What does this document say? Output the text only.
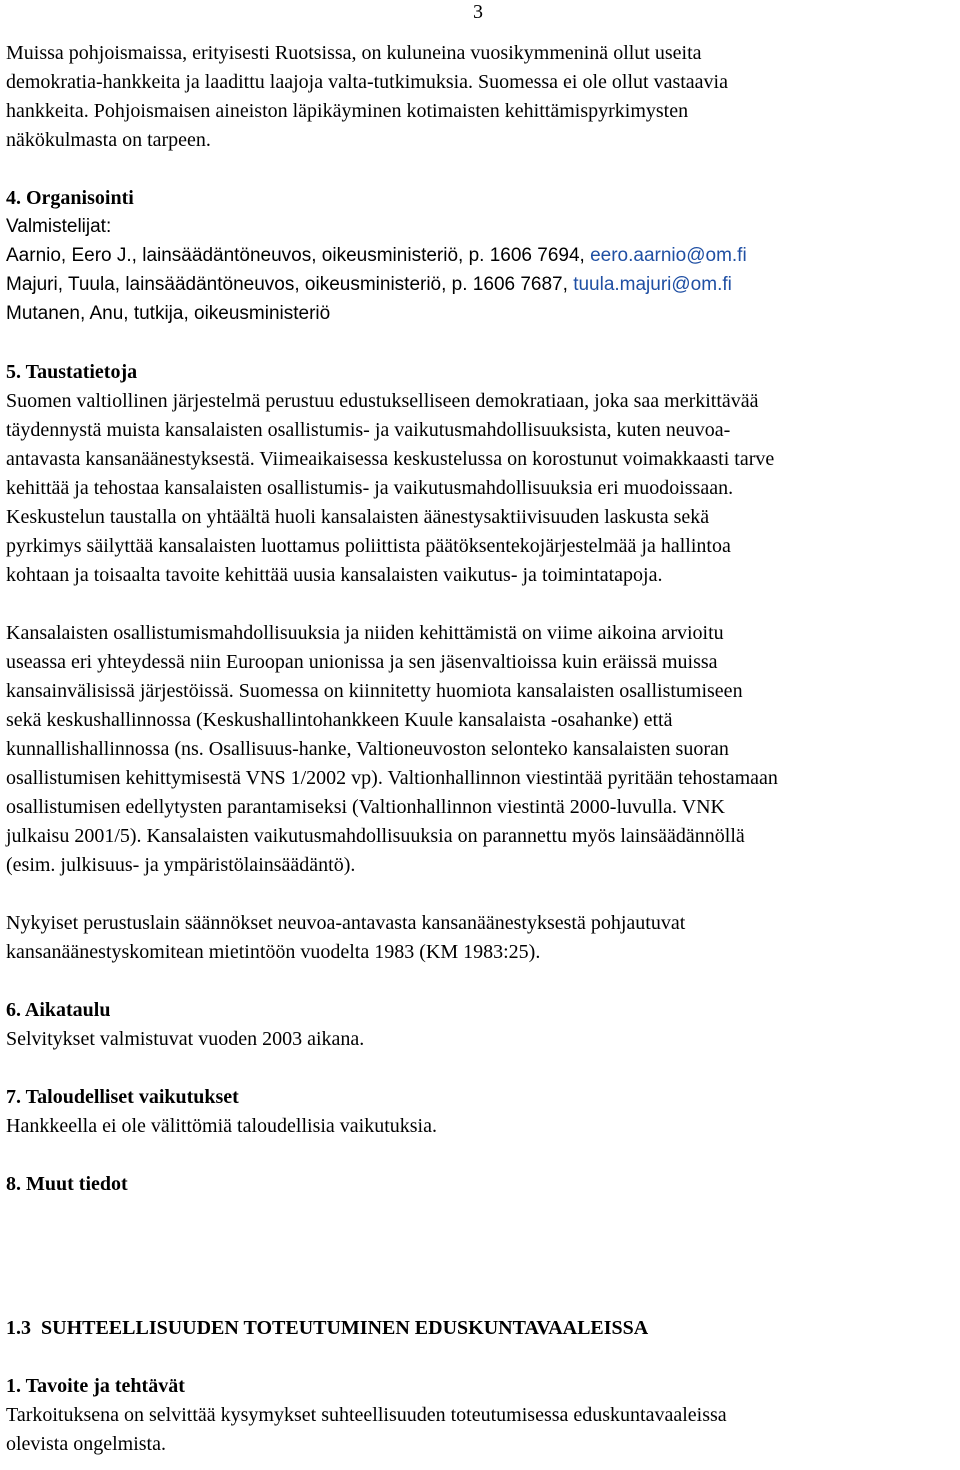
3
Muissa pohjoismaissa, erityisesti Ruotsissa, on kuluneina vuosikymmeninä ollut useita
demokratia-hankkeita ja laadittu laajoja valta-tutkimuksia. Suomessa ei ole ollut vastaavia
hankkeita. Pohjoismaisen aineiston läpikäyminen kotimaisten kehittämispyrkimysten
näkökulmasta on tarpeen.
4. Organisointi
Valmistelijat:
Aarnio, Eero J., lainsäädäntöneuvos, oikeusministeriö, p. 1606 7694, eero.aarnio@om.fi
Majuri, Tuula, lainsäädäntöneuvos, oikeusministeriö, p. 1606 7687, tuula.majuri@om.fi
Mutanen, Anu, tutkija, oikeusministeriö
5. Taustatietoja
Suomen valtiollinen järjestelmä perustuu edustukselliseen demokratiaan, joka saa merkittävää
täydennystä muista kansalaisten osallistumis- ja vaikutusmahdollisuuksista, kuten neuvoa-
antavasta kansanäänestyksestä. Viimeaikaisessa keskustelussa on korostunut voimakkaasti tarve
kehittää ja tehostaa kansalaisten osallistumis- ja vaikutusmahdollisuuksia eri muodoissaan.
Keskustelun taustalla on yhtäältä huoli kansalaisten äänestysaktiivisuuden laskusta sekä
pyrkimys säilyttää kansalaisten luottamus poliittista päätöksentekojärjestelmää ja hallintoa
kohtaan ja toisaalta tavoite kehittää uusia kansalaisten vaikutus- ja toimintatapoja.
Kansalaisten osallistumismahdollisuuksia ja niiden kehittämistä on viime aikoina arvioitu
useassa eri yhteydessä niin Euroopan unionissa ja sen jäsenvaltioissa kuin eräissä muissa
kansainvälisissä järjestöissä. Suomessa on kiinnitetty huomiota kansalaisten osallistumiseen
sekä keskushallinnossa (Keskushallintohankkeen Kuule kansalaista -osahanke) että
kunnallishallinnossa (ns. Osallisuus-hanke, Valtioneuvoston selonteko kansalaisten suoran
osallistumisen kehittymisestä VNS 1/2002 vp). Valtionhallinnon viestintää pyritään tehostamaan
osallistumisen edellytysten parantamiseksi (Valtionhallinnon viestintä 2000-luvulla. VNK
julkaisu 2001/5). Kansalaisten vaikutusmahdollisuuksia on parannettu myös lainsäädännöllä
(esim. julkisuus- ja ympäristölainsäädäntö).
Nykyiset perustuslain säännökset neuvoa-antavasta kansanäänestyksestä pohjautuvat
kansanäänestyskomitean mietintöön vuodelta 1983 (KM 1983:25).
6. Aikataulu
Selvitykset valmistuvat vuoden 2003 aikana.
7. Taloudelliset vaikutukset
Hankkeella ei ole välittömiä taloudellisia vaikutuksia.
8. Muut tiedot
1.3  SUHTEELLISUUDEN TOTEUTUMINEN EDUSKUNTAVAALEISSA
1. Tavoite ja tehtävät
Tarkoituksena on selvittää kysymykset suhteellisuuden toteutumisessa eduskuntavaaleissa
olevista ongelmista.
